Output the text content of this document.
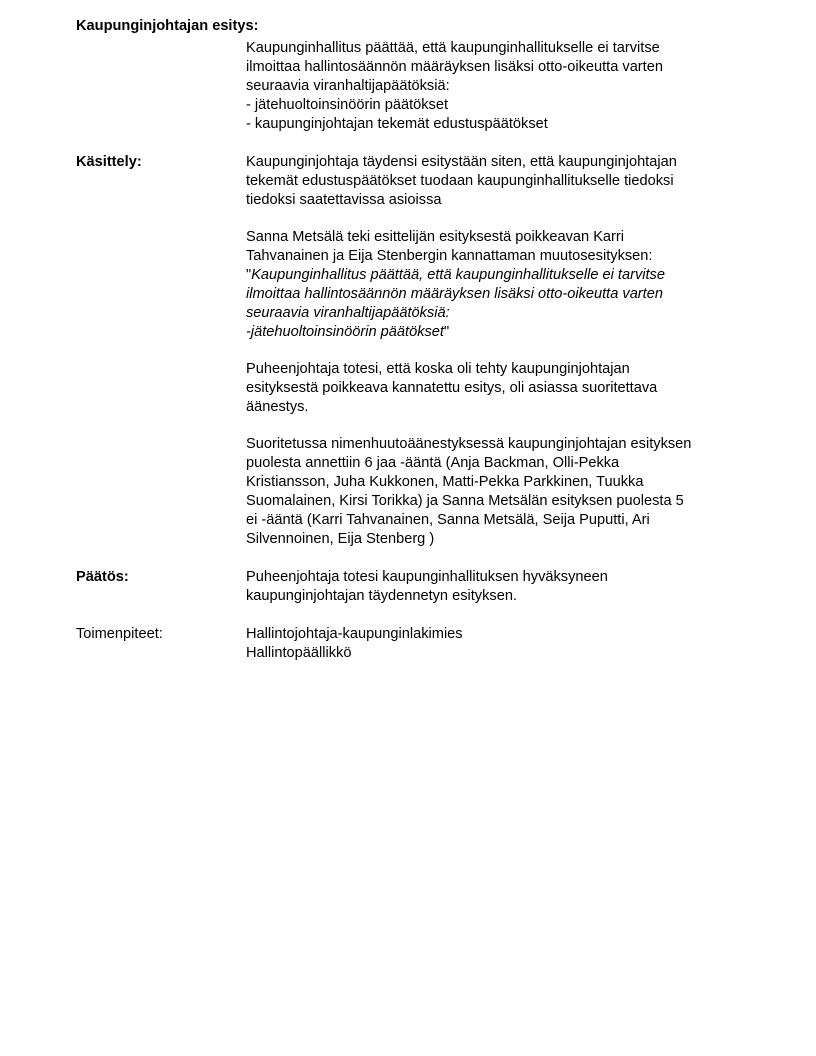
Kaupunginjohtajan esitys:
Kaupunginhallitus päättää, että kaupunginhallitukselle ei tarvitse
ilmoittaa hallintosäännön määräyksen lisäksi otto-oikeutta varten
seuraavia viranhaltijapäätöksiä:
- jätehuoltoinsinöörin päätökset
- kaupunginjohtajan tekemät edustuspäätökset
Käsittely:	Kaupunginjohtaja täydensi esitystään siten, että kaupunginjohtajan
tekemät edustuspäätökset tuodaan kaupunginhallitukselle tiedoksi
tiedoksi saatettavissa asioissa
Sanna Metsälä teki esittelijän esityksestä poikkeavan Karri
Tahvanainen ja Eija Stenbergin kannattaman muutosesityksen:
"Kaupunginhallitus päättää, että kaupunginhallitukselle ei tarvitse
ilmoittaa hallintosäännön määräyksen lisäksi otto-oikeutta varten
seuraavia viranhaltijapäätöksiä:
-jätehuoltoinsinöörin päätökset"
Puheenjohtaja totesi, että koska oli tehty kaupunginjohtajan
esityksestä poikkeava kannatettu esitys, oli asiassa suoritettava
äänestys.
Suoritetussa nimenhuutoäänestyksessä kaupunginjohtajan esityksen
puolesta annettiin 6 jaa -ääntä (Anja Backman, Olli-Pekka
Kristiansson, Juha Kukkonen, Matti-Pekka Parkkinen, Tuukka
Suomalainen, Kirsi Torikka) ja Sanna Metsälän esityksen puolesta 5
ei -ääntä (Karri Tahvanainen, Sanna Metsälä, Seija Puputti, Ari
Silvennoinen, Eija Stenberg )
Päätös:	Puheenjohtaja totesi kaupunginhallituksen hyväksyneen
kaupunginjohtajan täydennetyn esityksen.
Toimenpiteet:	Hallintojohtaja-kaupunginlakimies
Hallintopäällikkö
